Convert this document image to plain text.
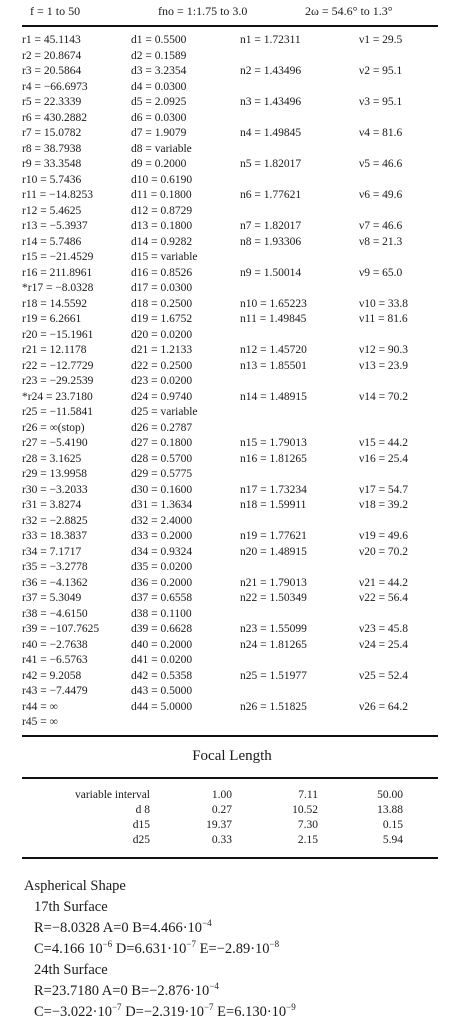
f = 1 to 50	fno = 1:1.75 to 3.0	2ω = 54.6° to 1.3°
r1 = 45.1143	d1 = 0.5500	n1 = 1.72311	ν1 = 29.5
r2 = 20.8674	d2 = 0.1589
r3 = 20.5864	d3 = 3.2354	n2 = 1.43496	ν2 = 95.1
r4 = −66.6973	d4 = 0.0300
r5 = 22.3339	d5 = 2.0925	n3 = 1.43496	ν3 = 95.1
r6 = 430.2882	d6 = 0.0300
r7 = 15.0782	d7 = 1.9079	n4 = 1.49845	ν4 = 81.6
r8 = 38.7938	d8 = variable
r9 = 33.3548	d9 = 0.2000	n5 = 1.82017	ν5 = 46.6
r10 = 5.7436	d10 = 0.6190
r11 = −14.8253	d11 = 0.1800	n6 = 1.77621	ν6 = 49.6
r12 = 5.4625	d12 = 0.8729
r13 = −5.3937	d13 = 0.1800	n7 = 1.82017	ν7 = 46.6
r14 = 5.7486	d14 = 0.9282	n8 = 1.93306	ν8 = 21.3
r15 = −21.4529	d15 = variable
r16 = 211.8961	d16 = 0.8526	n9 = 1.50014	ν9 = 65.0
*r17 = −8.0328	d17 = 0.0300
r18 = 14.5592	d18 = 0.2500	n10 = 1.65223	ν10 = 33.8
r19 = 6.2661	d19 = 1.6752	n11 = 1.49845	ν11 = 81.6
r20 = −15.1961	d20 = 0.0200
r21 = 12.1178	d21 = 1.2133	n12 = 1.45720	ν12 = 90.3
r22 = −12.7729	d22 = 0.2500	n13 = 1.85501	ν13 = 23.9
r23 = −29.2539	d23 = 0.0200
*r24 = 23.7180	d24 = 0.9740	n14 = 1.48915	ν14 = 70.2
r25 = −11.5841	d25 = variable
r26 = ∞(stop)	d26 = 0.2787
r27 = −5.4190	d27 = 0.1800	n15 = 1.79013	ν15 = 44.2
r28 = 3.1625	d28 = 0.5700	n16 = 1.81265	ν16 = 25.4
r29 = 13.9958	d29 = 0.5775
r30 = −3.2033	d30 = 0.1600	n17 = 1.73234	ν17 = 54.7
r31 = 3.8274	d31 = 1.3634	n18 = 1.59911	ν18 = 39.2
r32 = −2.8825	d32 = 2.4000
r33 = 18.3837	d33 = 0.2000	n19 = 1.77621	ν19 = 49.6
r34 = 7.1717	d34 = 0.9324	n20 = 1.48915	ν20 = 70.2
r35 = −3.2778	d35 = 0.0200
r36 = −4.1362	d36 = 0.2000	n21 = 1.79013	ν21 = 44.2
r37 = 5.3049	d37 = 0.6558	n22 = 1.50349	ν22 = 56.4
r38 = −4.6150	d38 = 0.1100
r39 = −107.7625	d39 = 0.6628	n23 = 1.55099	ν23 = 45.8
r40 = −2.7638	d40 = 0.2000	n24 = 1.81265	ν24 = 25.4
r41 = −6.5763	d41 = 0.0200
r42 = 9.2058	d42 = 0.5358	n25 = 1.51977	ν25 = 52.4
r43 = −7.4479	d43 = 0.5000
r44 = ∞	d44 = 5.0000	n26 = 1.51825	ν26 = 64.2
r45 = ∞
Focal Length
variable interval	1.00	7.11	50.00
d 8	0.27	10.52	13.88
d15	19.37	7.30	0.15
d25	0.33	2.15	5.94
Aspherical Shape
17th Surface
R=−8.0328 A=0 $B=4.466\cdot 10^{-4}$
C=4.166 $10^{-6}$ $D=6.631\cdot 10^{-7}$ $E=-2.89\cdot 10^{-8}$
24th Surface
R=23.7180 A=0 $B=-2.876\cdot 10^{-4}$
$C=-3.022\cdot 10^{-7}$ $D=-2.319\cdot 10^{-7}$ $E=6.130\cdot 10^{-9}$
